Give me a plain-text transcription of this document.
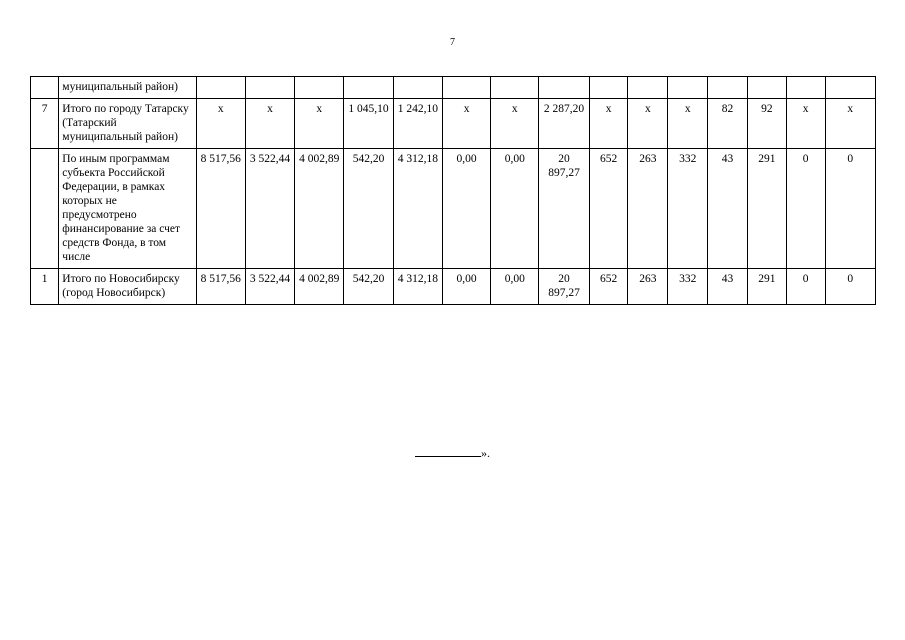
7
	муниципальный район)															
7	Итого по городу Татарску (Татарский муниципальный район)	x	x	x	1 045,10	1 242,10	x	x	2 287,20	x	x	x	82	92	x	x
	По иным программам субъекта Российской Федерации, в рамках которых не предусмотрено финансирование за счет средств Фонда, в том числе	8 517,56	3 522,44	4 002,89	542,20	4 312,18	0,00	0,00	20 897,27	652	263	332	43	291	0	0
1	Итого по Новосибирску (город Новосибирск)	8 517,56	3 522,44	4 002,89	542,20	4 312,18	0,00	0,00	20 897,27	652	263	332	43	291	0	0
».
